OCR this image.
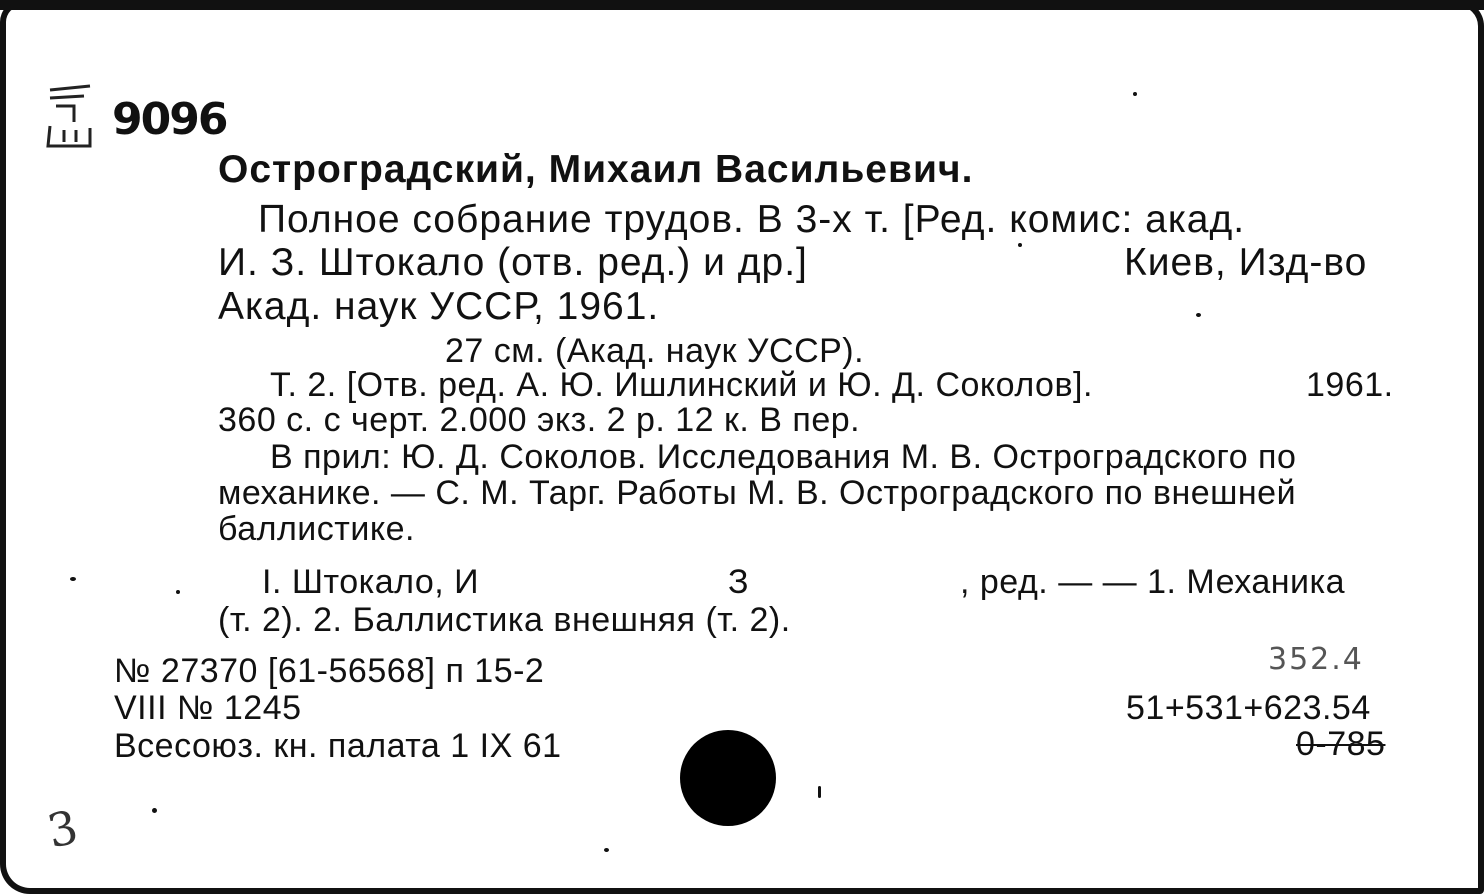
9096
Остроградский, Михаил Васильевич.
Полное собрание трудов. В 3-х т. [Ред. комис: акад.
И. З. Штокало (отв. ред.) и др.]	Киев, Изд-во
Акад. наук УССР, 1961.
27 см. (Акад. наук УССР).
Т. 2. [Отв. ред. А. Ю. Ишлинский и Ю. Д. Соколов].	1961.
360 с. с черт. 2.000 экз. 2 р. 12 к. В пер.
В прил: Ю. Д. Соколов. Исследования М. В. Остроградского по
механике. — С. М. Тарг. Работы М. В. Остроградского по внешней
баллистике.
I. Штокало, И	З	, ред. — — 1. Механика
(т. 2). 2. Баллистика внешняя (т. 2).
№ 27370 [61-56568] п 15-2
VIII № 1245
Всесоюз. кн. палата 1 IX 61
352.4
51+531+623.54
0-785
3
